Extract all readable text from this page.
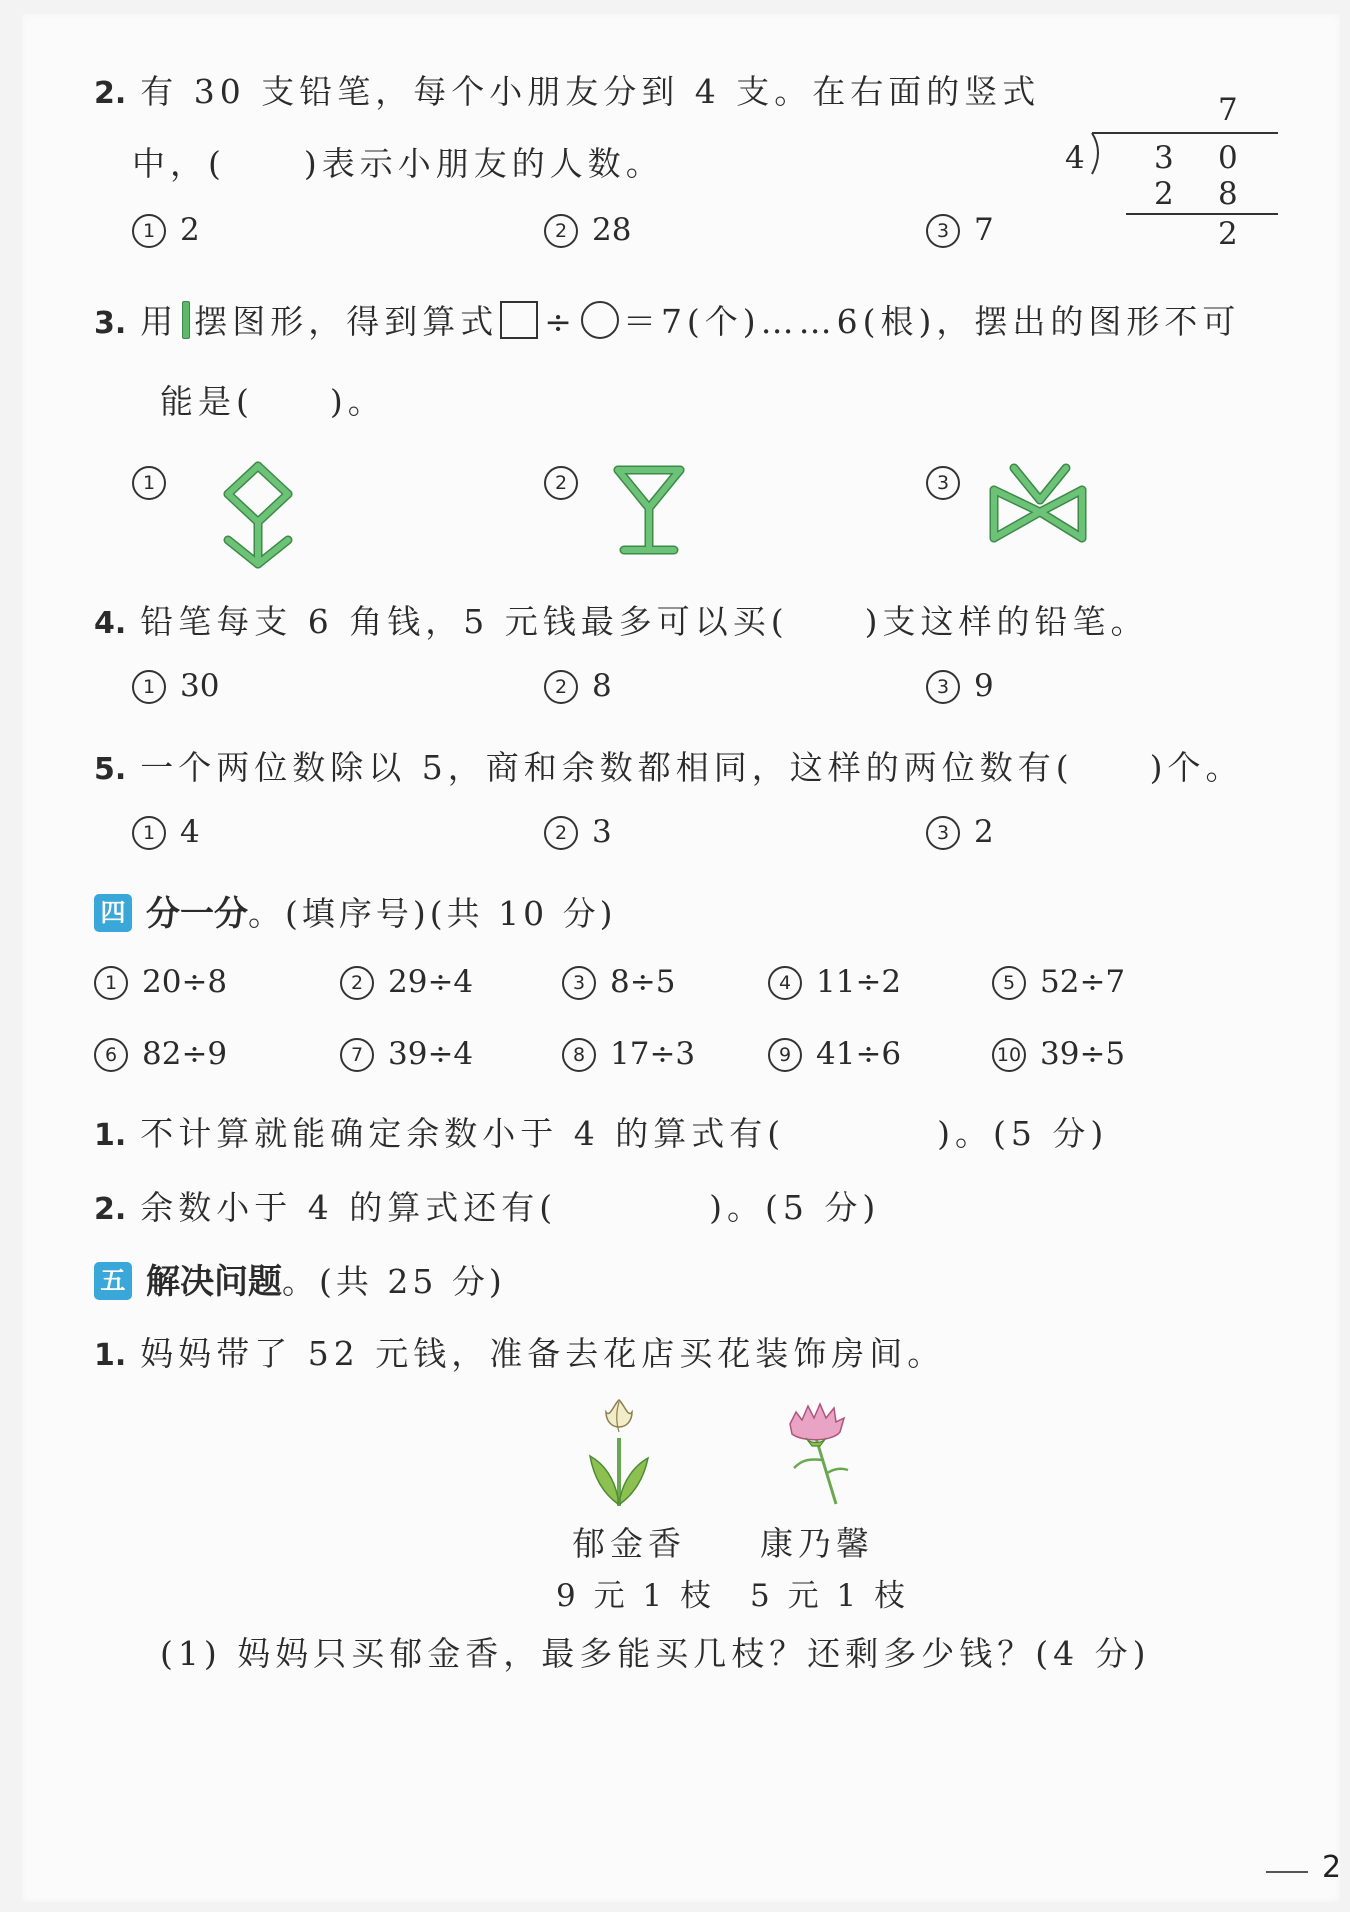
2. 有 30 支铅笔，每个小朋友分到 4 支。在右面的竖式
中，( )表示小朋友的人数。
1 2	2 28	3 7
7
4 3 0
2 8
2
3. 用 摆图形，得到算式 ÷ ＝7(个)……6(根)，摆出的图形不可
能是(　　)。
1	2	3
4. 铅笔每支 6 角钱，5 元钱最多可以买(　　)支这样的铅笔。
1 30	2 8	3 9
5. 一个两位数除以 5，商和余数都相同，这样的两位数有(　　)个。
1 4	2 3	3 2
四 分一分。(填序号)(共 10 分)
1 20÷8	2 29÷4	3 8÷5	4 11÷2	5 52÷7
6 82÷9	7 39÷4	8 17÷3	9 41÷6	10 39÷5
1. 不计算就能确定余数小于 4 的算式有(　　　　)。(5 分)
2. 余数小于 4 的算式还有(　　　　)。(5 分)
五 解决问题。(共 25 分)
1. 妈妈带了 52 元钱，准备去花店买花装饰房间。
郁金香 康乃馨
9 元 1 枝 5 元 1 枝
(1) 妈妈只买郁金香，最多能买几枝？还剩多少钱？(4 分)
2
